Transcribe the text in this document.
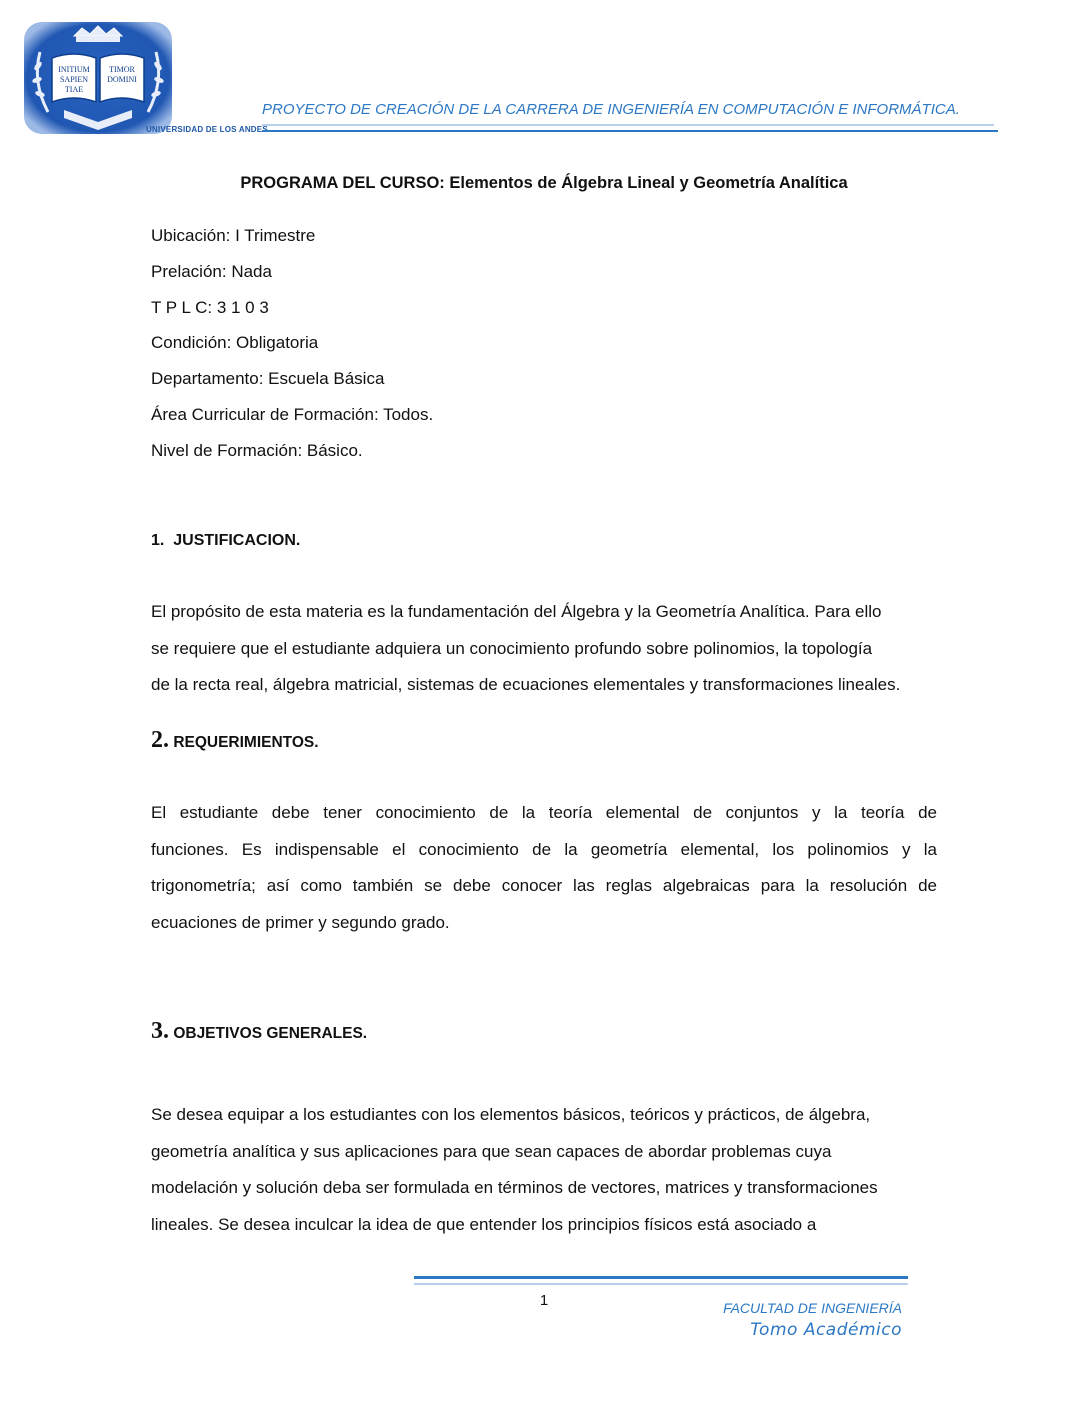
INITIUM
SAPIEN
TIAE
TIMOR
DOMINI
UNIVERSIDAD DE LOS ANDES
PROYECTO DE CREACIÓN DE LA CARRERA DE INGENIERÍA EN COMPUTACIÓN E INFORMÁTICA.
PROGRAMA DEL CURSO: Elementos de Álgebra Lineal y Geometría Analítica
Ubicación: I Trimestre
Prelación: Nada
T P L C: 3 1 0 3
Condición: Obligatoria
Departamento: Escuela Básica
Área Curricular de Formación: Todos.
Nivel de Formación: Básico.
1. JUSTIFICACION.
El propósito de esta materia es la fundamentación del Álgebra y la Geometría Analítica. Para ello
se requiere que el estudiante adquiera un conocimiento profundo sobre polinomios, la topología
de la recta real, álgebra matricial, sistemas de ecuaciones elementales y transformaciones lineales.
2. REQUERIMIENTOS.
El estudiante debe tener conocimiento de la teoría elemental de conjuntos y la teoría de
funciones. Es indispensable el conocimiento de la geometría elemental, los polinomios y la
trigonometría; así como también se debe conocer las reglas algebraicas para la resolución de
ecuaciones de primer y segundo grado.
3. OBJETIVOS GENERALES.
Se desea equipar a los estudiantes con los elementos básicos, teóricos y prácticos, de álgebra,
geometría analítica y sus aplicaciones para que sean capaces de abordar problemas cuya
modelación y solución deba ser formulada en términos de vectores, matrices y transformaciones
lineales. Se desea inculcar la idea de que entender los principios físicos está asociado a
1	FACULTAD DE INGENIERÍA
Tomo Académico
